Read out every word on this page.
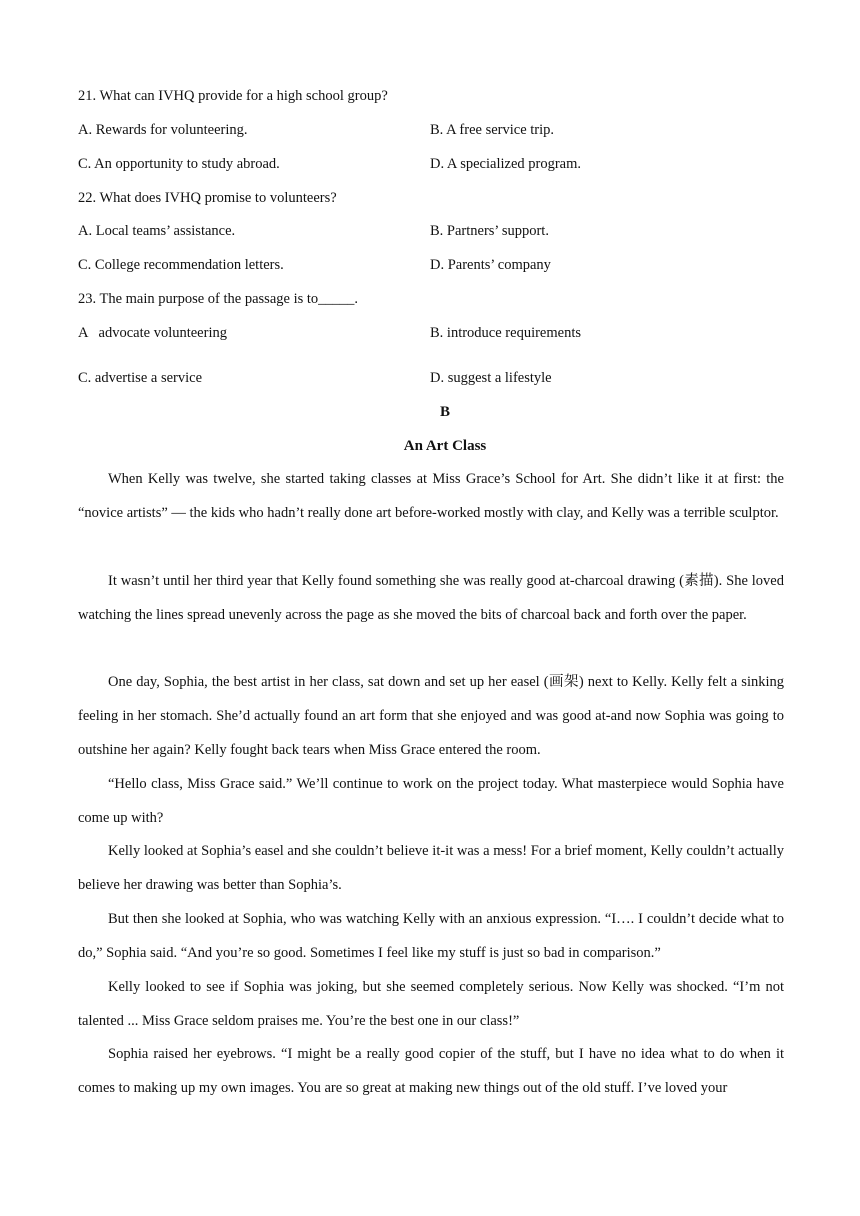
21. What can IVHQ provide for a high school group?
A. Rewards for volunteering.	B. A free service trip.
C. An opportunity to study abroad.	D. A specialized program.
22. What does IVHQ promise to volunteers?
A. Local teams’ assistance.	B. Partners’ support.
C. College recommendation letters.	D. Parents’ company
23. The main purpose of the passage is to_____.
A   advocate volunteering	B. introduce requirements
C. advertise a service	D. suggest a lifestyle
B
An Art Class
When Kelly was twelve, she started taking classes at Miss Grace’s School for Art. She didn’t like it at first: the “novice artists” — the kids who hadn’t really done art before-worked mostly with clay, and Kelly was a terrible sculptor.
It wasn’t until her third year that Kelly found something she was really good at-charcoal drawing (素描). She loved watching the lines spread unevenly across the page as she moved the bits of charcoal back and forth over the paper.
One day, Sophia, the best artist in her class, sat down and set up her easel (画架) next to Kelly. Kelly felt a sinking feeling in her stomach. She’d actually found an art form that she enjoyed and was good at-and now Sophia was going to outshine her again? Kelly fought back tears when Miss Grace entered the room.
“Hello class, Miss Grace said.” We’ll continue to work on the project today. What masterpiece would Sophia have come up with?
Kelly looked at Sophia’s easel and she couldn’t believe it-it was a mess! For a brief moment, Kelly couldn’t actually believe her drawing was better than Sophia’s.
But then she looked at Sophia, who was watching Kelly with an anxious expression. “I…. I couldn’t decide what to do,” Sophia said. “And you’re so good. Sometimes I feel like my stuff is just so bad in comparison.”
Kelly looked to see if Sophia was joking, but she seemed completely serious. Now Kelly was shocked. “I’m not talented ... Miss Grace seldom praises me. You’re the best one in our class!”
Sophia raised her eyebrows. “I might be a really good copier of the stuff, but I have no idea what to do when it comes to making up my own images. You are so great at making new things out of the old stuff. I’ve loved your
